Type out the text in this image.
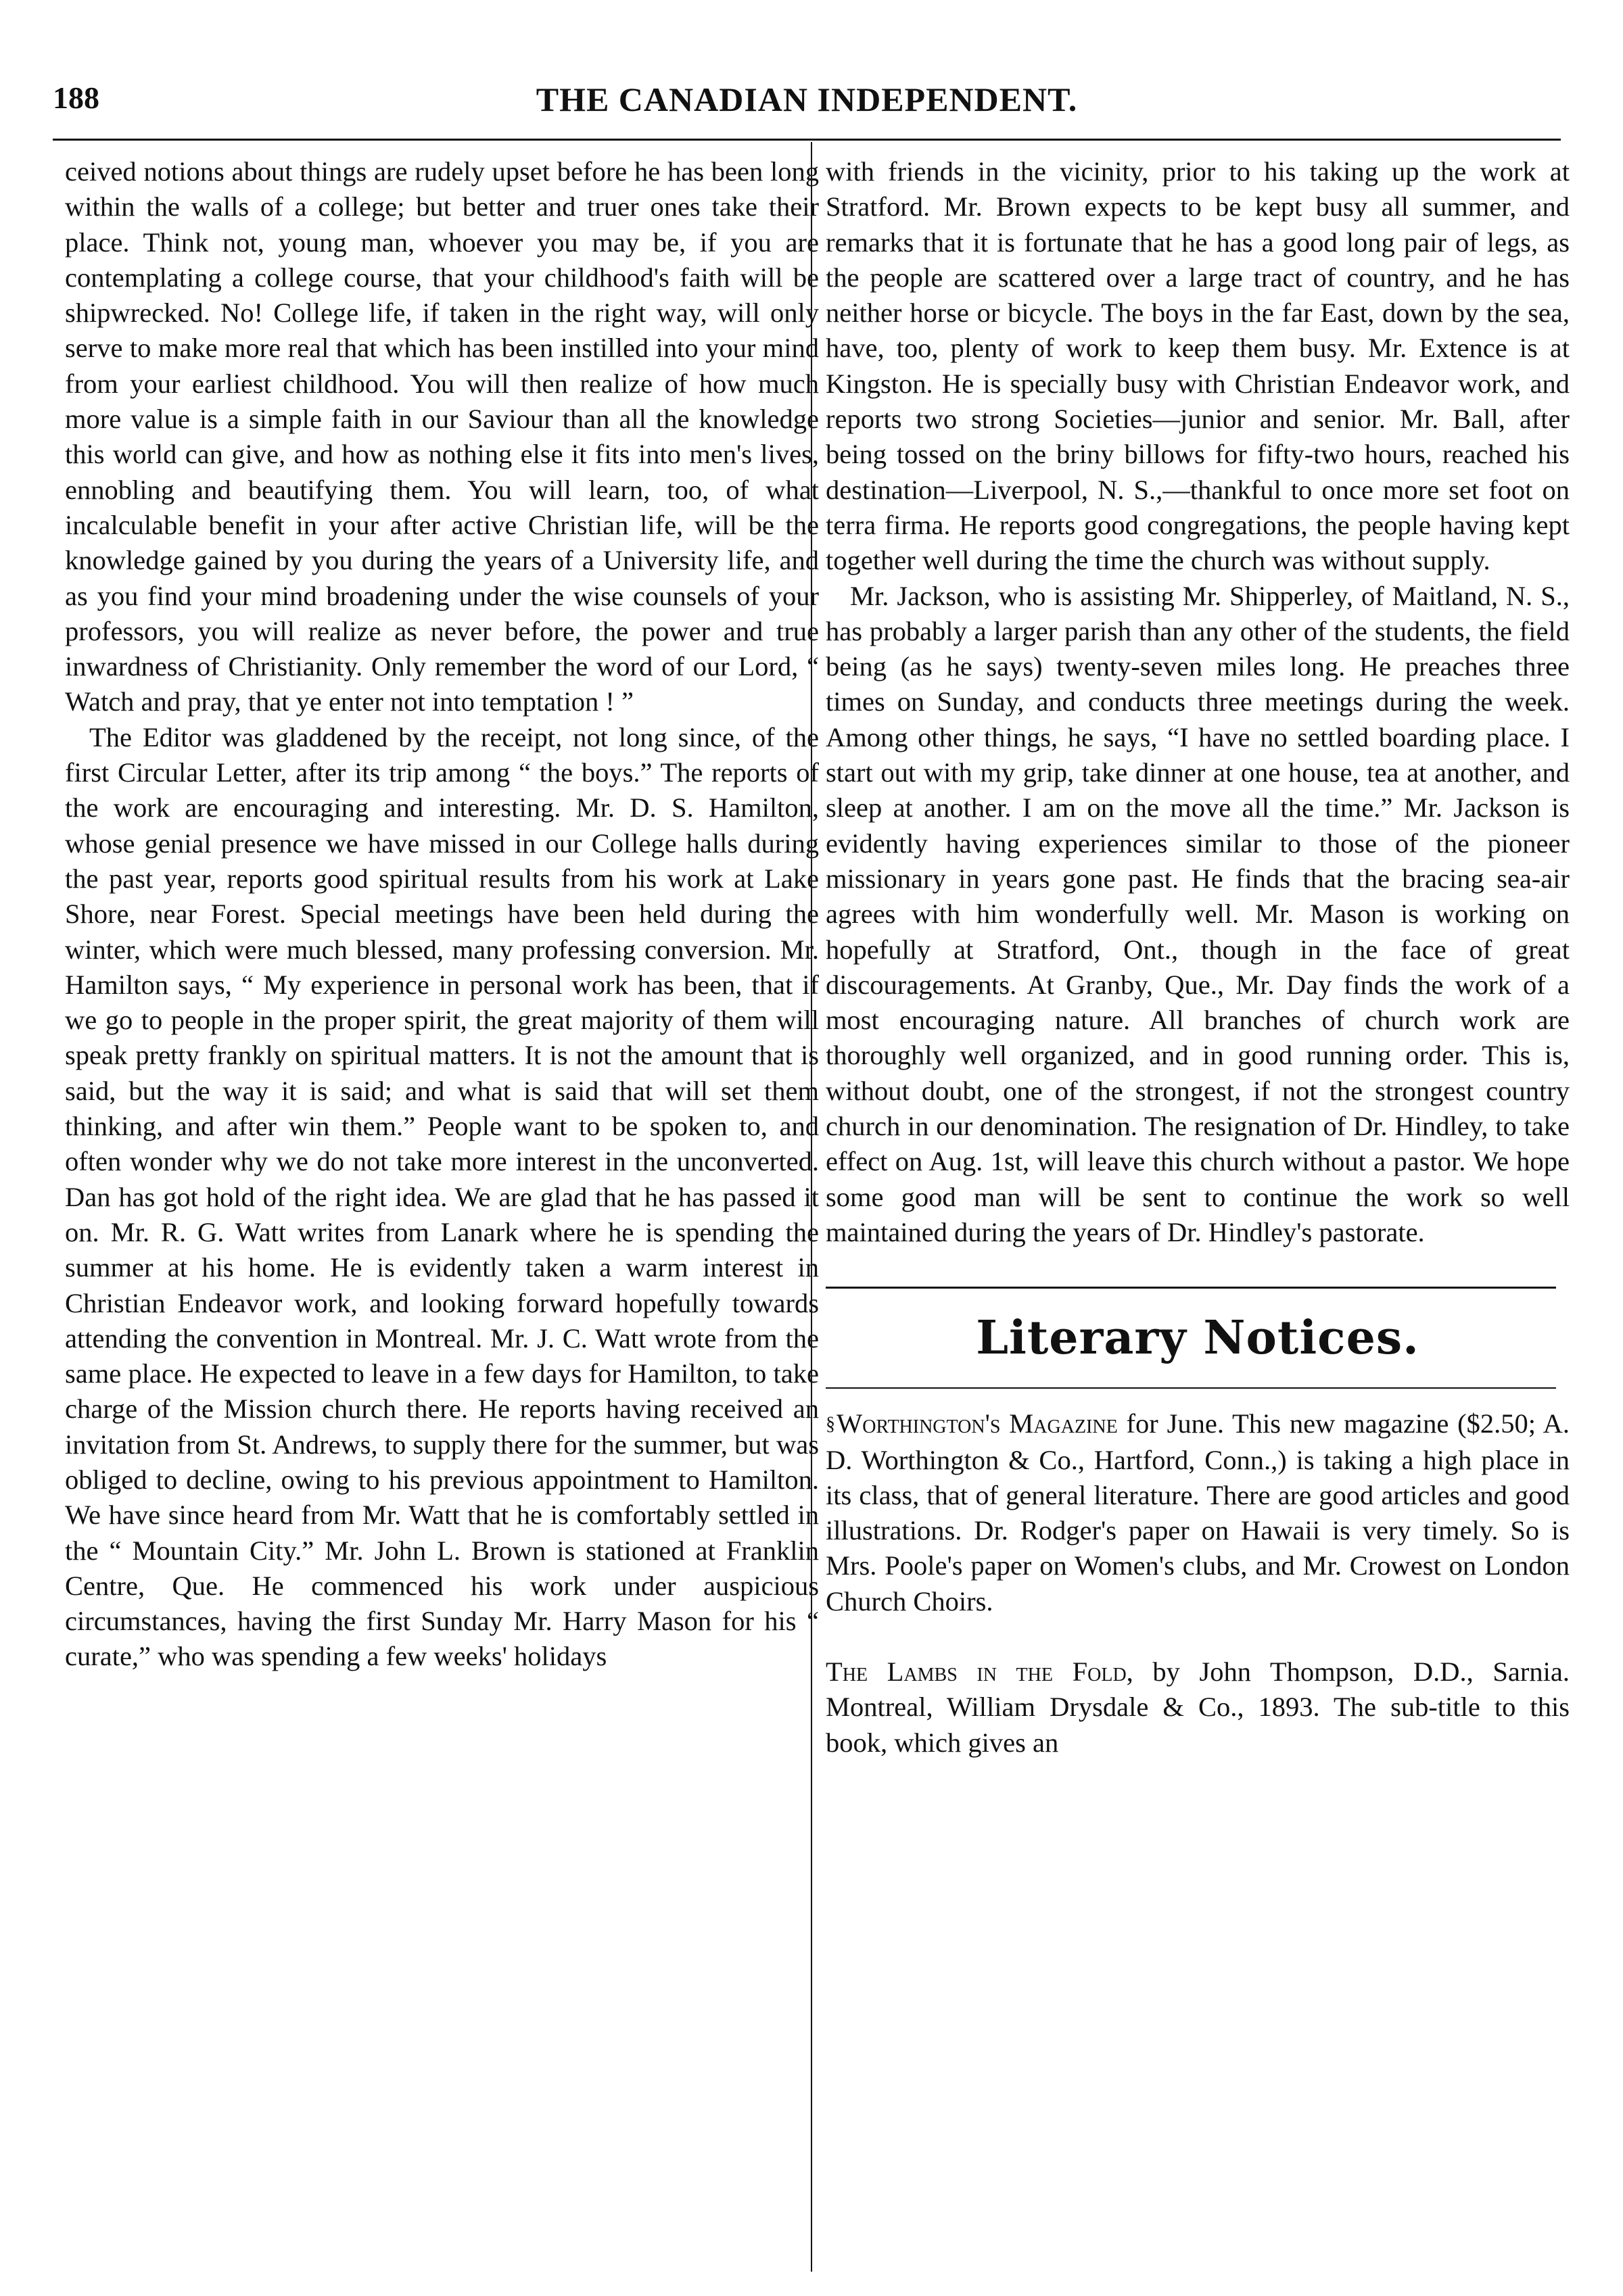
188	THE CANADIAN INDEPENDENT.

ceived notions about things are rudely upset before he has been long within the walls of a college; but better and truer ones take their place. Think not, young man, whoever you may be, if you are contemplating a college course, that your childhood's faith will be shipwrecked. No! College life, if taken in the right way, will only serve to make more real that which has been instilled into your mind from your earliest childhood. You will then realize of how much more value is a simple faith in our Saviour than all the knowledge this world can give, and how as nothing else it fits into men's lives, ennobling and beautifying them. You will learn, too, of what incalculable benefit in your after active Christian life, will be the knowledge gained by you during the years of a University life, and as you find your mind broadening under the wise counsels of your professors, you will realize as never before, the power and true inwardness of Christianity. Only remember the word of our Lord, “ Watch and pray, that ye enter not into temptation ! ”

The Editor was gladdened by the receipt, not long since, of the first Circular Letter, after its trip among “ the boys.” The reports of the work are encouraging and interesting. Mr. D. S. Hamilton, whose genial presence we have missed in our College halls during the past year, reports good spiritual results from his work at Lake Shore, near Forest. Special meetings have been held during the winter, which were much blessed, many professing conversion. Mr. Hamilton says, “ My experience in personal work has been, that if we go to people in the proper spirit, the great majority of them will speak pretty frankly on spiritual matters. It is not the amount that is said, but the way it is said; and what is said that will set them thinking, and after win them.” People want to be spoken to, and often wonder why we do not take more interest in the unconverted. Dan has got hold of the right idea. We are glad that he has passed it on. Mr. R. G. Watt writes from Lanark where he is spending the summer at his home. He is evidently taken a warm interest in Christian Endeavor work, and looking forward hopefully towards attending the convention in Montreal. Mr. J. C. Watt wrote from the same place. He expected to leave in a few days for Hamilton, to take charge of the Mission church there. He reports having received an invitation from St. Andrews, to supply there for the summer, but was obliged to decline, owing to his previous appointment to Hamilton. We have since heard from Mr. Watt that he is comfortably settled in the “ Mountain City.” Mr. John L. Brown is stationed at Franklin Centre, Que. He commenced his work under auspicious circumstances, having the first Sunday Mr. Harry Mason for his “ curate,” who was spending a few weeks' holidays

with friends in the vicinity, prior to his taking up the work at Stratford. Mr. Brown expects to be kept busy all summer, and remarks that it is fortunate that he has a good long pair of legs, as the people are scattered over a large tract of country, and he has neither horse or bicycle. The boys in the far East, down by the sea, have, too, plenty of work to keep them busy. Mr. Extence is at Kingston. He is specially busy with Christian Endeavor work, and reports two strong Societies—junior and senior. Mr. Ball, after being tossed on the briny billows for fifty-two hours, reached his destination—Liverpool, N. S.,—thankful to once more set foot on terra firma. He reports good congregations, the people having kept together well during the time the church was without supply.

Mr. Jackson, who is assisting Mr. Shipperley, of Maitland, N. S., has probably a larger parish than any other of the students, the field being (as he says) twenty-seven miles long. He preaches three times on Sunday, and conducts three meetings during the week. Among other things, he says, “I have no settled boarding place. I start out with my grip, take dinner at one house, tea at another, and sleep at another. I am on the move all the time.” Mr. Jackson is evidently having experiences similar to those of the pioneer missionary in years gone past. He finds that the bracing sea-air agrees with him wonderfully well. Mr. Mason is working on hopefully at Stratford, Ont., though in the face of great discouragements. At Granby, Que., Mr. Day finds the work of a most encouraging nature. All branches of church work are thoroughly well organized, and in good running order. This is, without doubt, one of the strongest, if not the strongest country church in our denomination. The resignation of Dr. Hindley, to take effect on Aug. 1st, will leave this church without a pastor. We hope some good man will be sent to continue the work so well maintained during the years of Dr. Hindley's pastorate.

Literary Notices.

§Worthington's Magazine for June. This new magazine ($2.50; A. D. Worthington & Co., Hartford, Conn.,) is taking a high place in its class, that of general literature. There are good articles and good illustrations. Dr. Rodger's paper on Hawaii is very timely. So is Mrs. Poole's paper on Women's clubs, and Mr. Crowest on London Church Choirs.

The Lambs in the Fold, by John Thompson, D.D., Sarnia. Montreal, William Drysdale & Co., 1893. The sub-title to this book, which gives an
